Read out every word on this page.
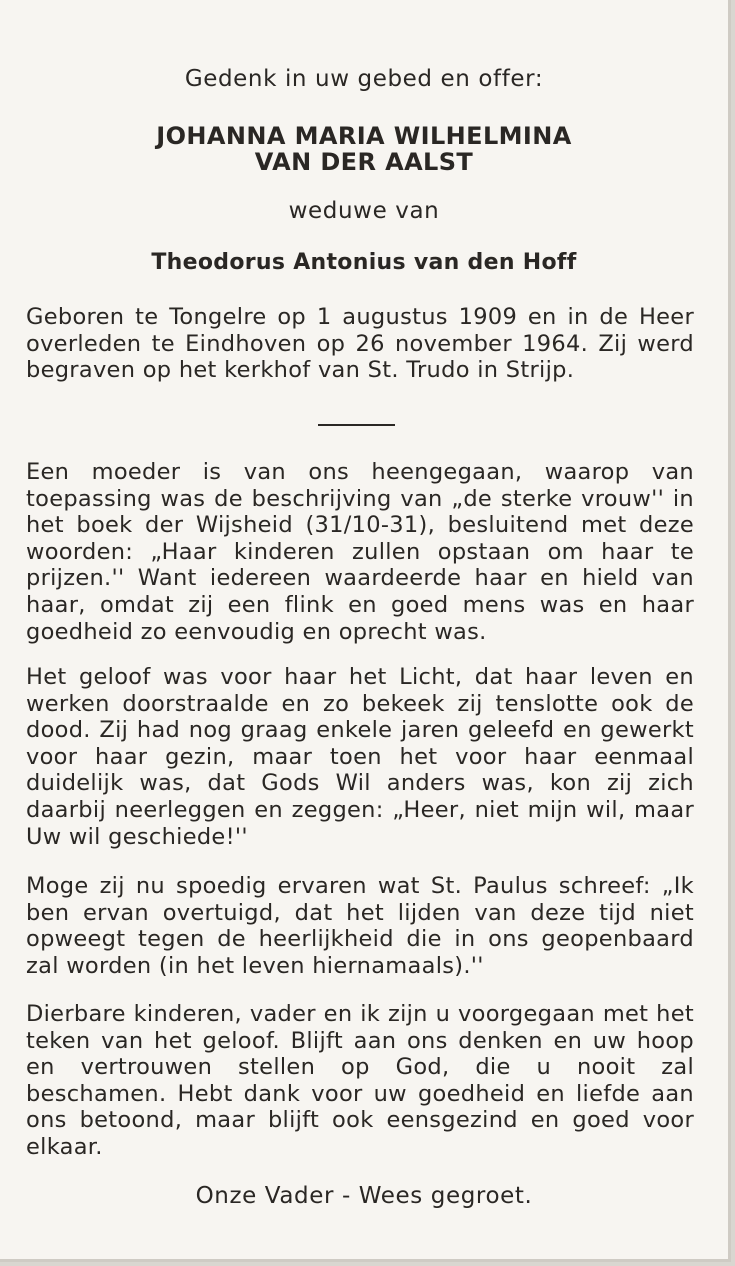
Gedenk in uw gebed en offer:

JOHANNA MARIA WILHELMINA

VAN DER AALST

weduwe van

Theodorus Antonius van den Hoff

Geboren te Tongelre op 1 augustus 1909 en in de Heer overleden te Eindhoven op 26 november 1964. Zij werd begraven op het kerkhof van St. Trudo in Strijp.

Een moeder is van ons heengegaan, waarop van toepassing was de beschrijving van „de sterke vrouw'' in het boek der Wijsheid (31/10-31), besluitend met deze woorden: „Haar kinderen zullen opstaan om haar te prijzen.'' Want iedereen waardeerde haar en hield van haar, omdat zij een flink en goed mens was en haar goedheid zo eenvoudig en oprecht was.

Het geloof was voor haar het Licht, dat haar leven en werken doorstraalde en zo bekeek zij tenslotte ook de dood. Zij had nog graag enkele jaren geleefd en gewerkt voor haar gezin, maar toen het voor haar eenmaal duidelijk was, dat Gods Wil anders was, kon zij zich daarbij neerleggen en zeggen: „Heer, niet mijn wil, maar Uw wil geschiede!''

Moge zij nu spoedig ervaren wat St. Paulus schreef: „Ik ben ervan overtuigd, dat het lijden van deze tijd niet opweegt tegen de heerlijkheid die in ons geopenbaard zal worden (in het leven hiernamaals).''

Dierbare kinderen, vader en ik zijn u voorgegaan met het teken van het geloof. Blijft aan ons denken en uw hoop en vertrouwen stellen op God, die u nooit zal beschamen. Hebt dank voor uw goedheid en liefde aan ons betoond, maar blijft ook eensgezind en goed voor elkaar.

Onze Vader - Wees gegroet.
